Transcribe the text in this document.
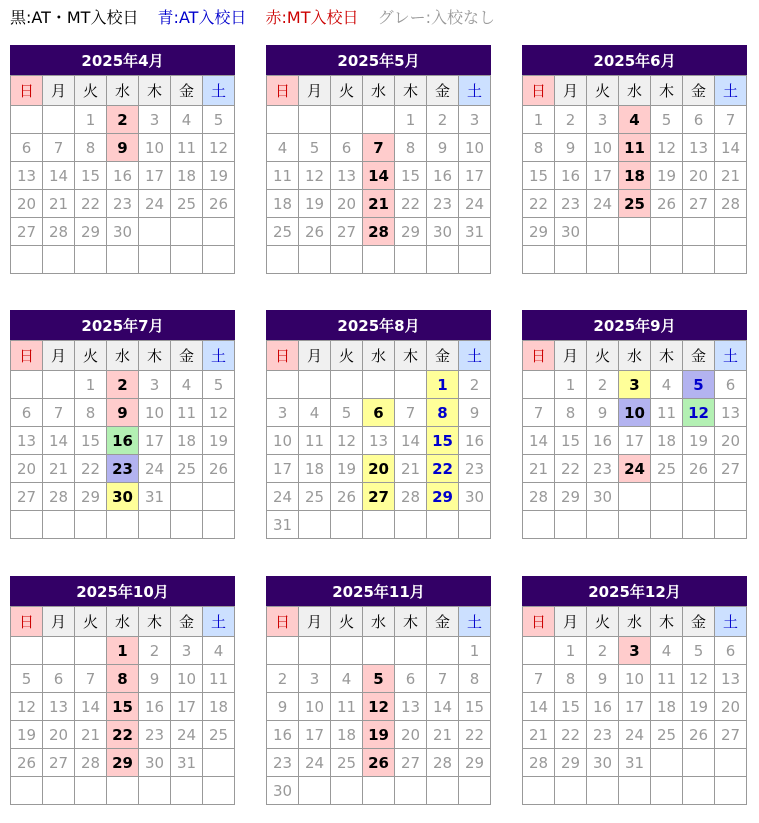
黒:AT・MT入校日 青:AT入校日 赤:MT入校日 グレー:入校なし
2025年4月
日	月	火	水	木	金	土
		1	2	3	4	5
6	7	8	9	10	11	12
13	14	15	16	17	18	19
20	21	22	23	24	25	26
27	28	29	30			

2025年5月
日	月	火	水	木	金	土
				1	2	3
4	5	6	7	8	9	10
11	12	13	14	15	16	17
18	19	20	21	22	23	24
25	26	27	28	29	30	31

2025年6月
日	月	火	水	木	金	土
1	2	3	4	5	6	7
8	9	10	11	12	13	14
15	16	17	18	19	20	21
22	23	24	25	26	27	28
29	30					

2025年7月
日	月	火	水	木	金	土
		1	2	3	4	5
6	7	8	9	10	11	12
13	14	15	16	17	18	19
20	21	22	23	24	25	26
27	28	29	30	31		

2025年8月
日	月	火	水	木	金	土
					1	2
3	4	5	6	7	8	9
10	11	12	13	14	15	16
17	18	19	20	21	22	23
24	25	26	27	28	29	30
31						
2025年9月
日	月	火	水	木	金	土
	1	2	3	4	5	6
7	8	9	10	11	12	13
14	15	16	17	18	19	20
21	22	23	24	25	26	27
28	29	30				

2025年10月
日	月	火	水	木	金	土
			1	2	3	4
5	6	7	8	9	10	11
12	13	14	15	16	17	18
19	20	21	22	23	24	25
26	27	28	29	30	31	

2025年11月
日	月	火	水	木	金	土
						1
2	3	4	5	6	7	8
9	10	11	12	13	14	15
16	17	18	19	20	21	22
23	24	25	26	27	28	29
30						
2025年12月
日	月	火	水	木	金	土
	1	2	3	4	5	6
7	8	9	10	11	12	13
14	15	16	17	18	19	20
21	22	23	24	25	26	27
28	29	30	31			
